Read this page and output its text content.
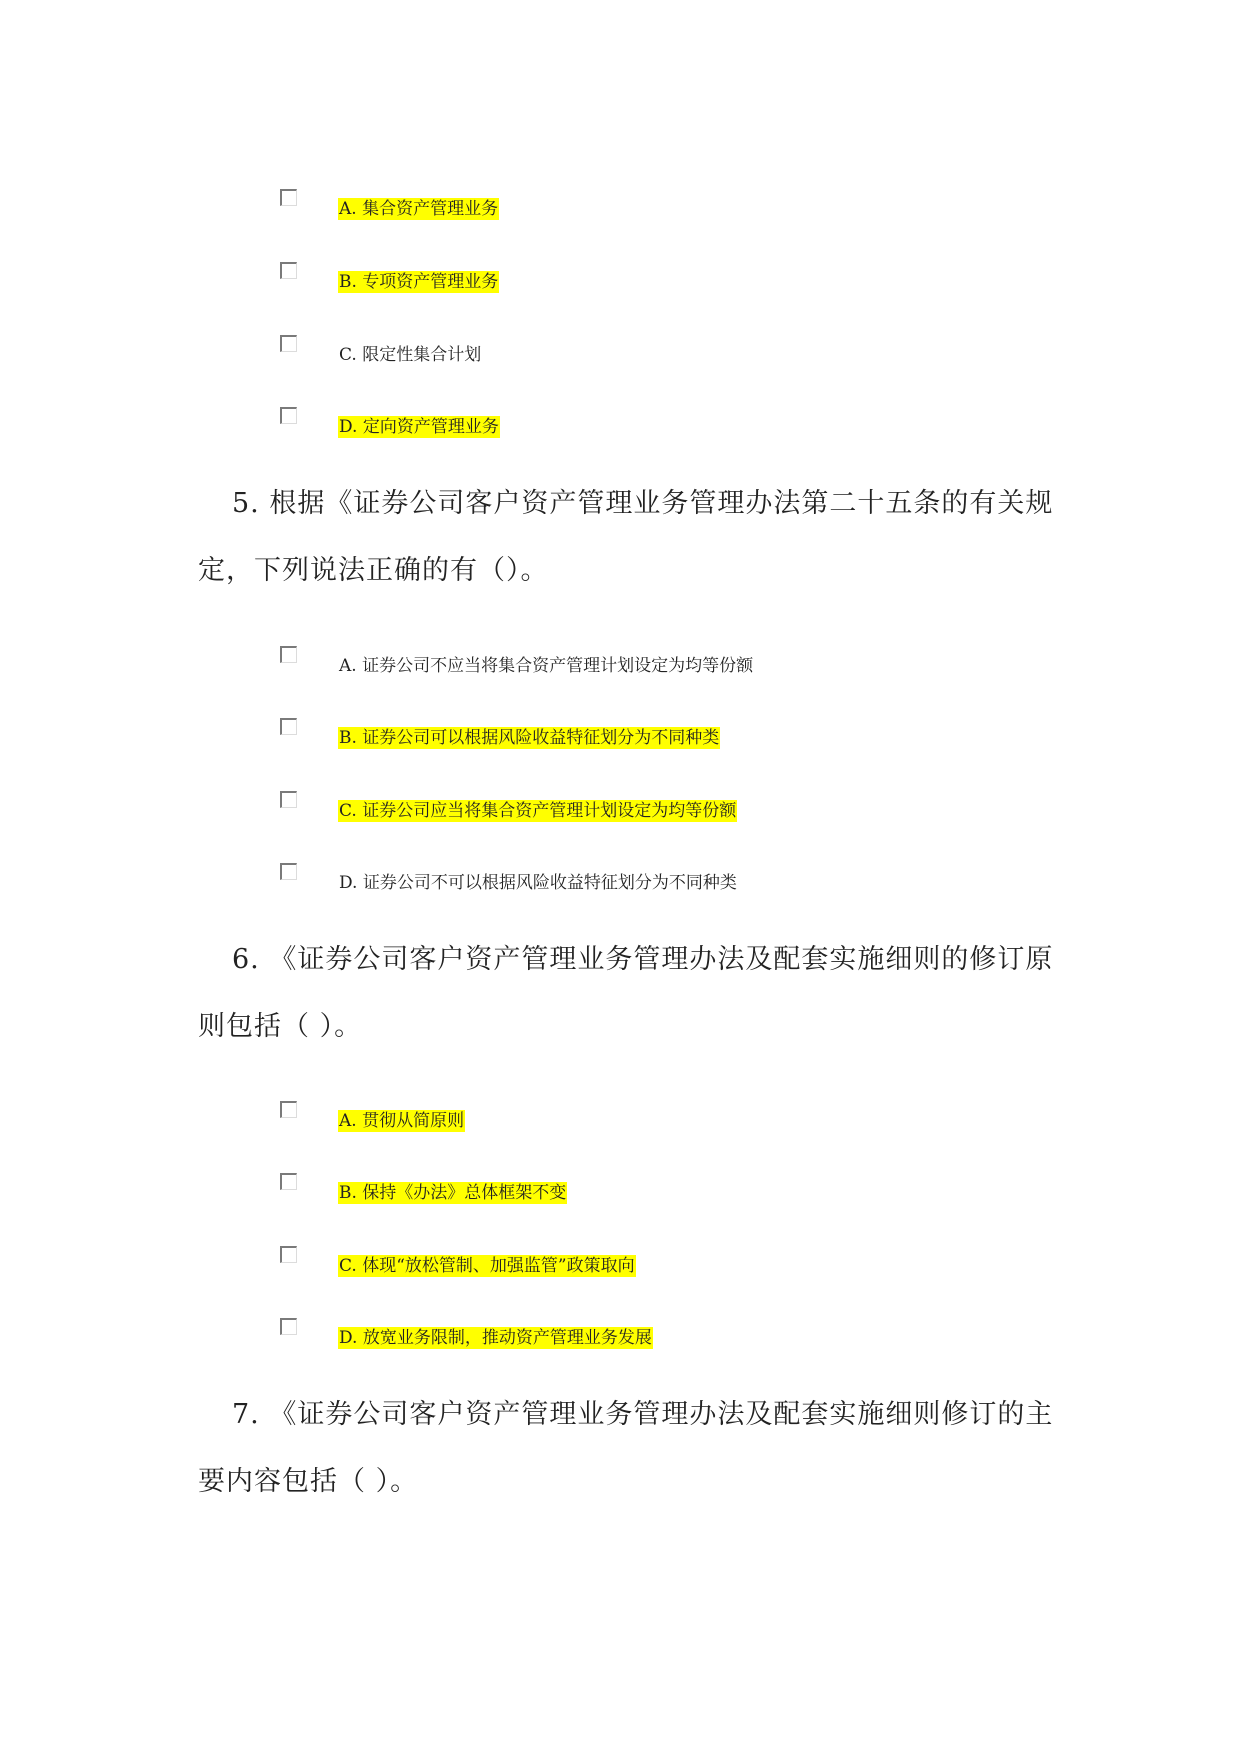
A. 集合资产管理业务
B. 专项资产管理业务
C. 限定性集合计划
D. 定向资产管理业务

5. 根据《证券公司客户资产管理业务管理办法第二十五条的有关规定，下列说法正确的有（）。

A. 证券公司不应当将集合资产管理计划设定为均等份额
B. 证券公司可以根据风险收益特征划分为不同种类
C. 证券公司应当将集合资产管理计划设定为均等份额
D. 证券公司不可以根据风险收益特征划分为不同种类

6. 《证券公司客户资产管理业务管理办法及配套实施细则的修订原则包括（ ）。

A. 贯彻从简原则
B. 保持《办法》总体框架不变
C. 体现“放松管制、加强监管”政策取向
D. 放宽业务限制，推动资产管理业务发展

7. 《证券公司客户资产管理业务管理办法及配套实施细则修订的主要内容包括（ ）。
